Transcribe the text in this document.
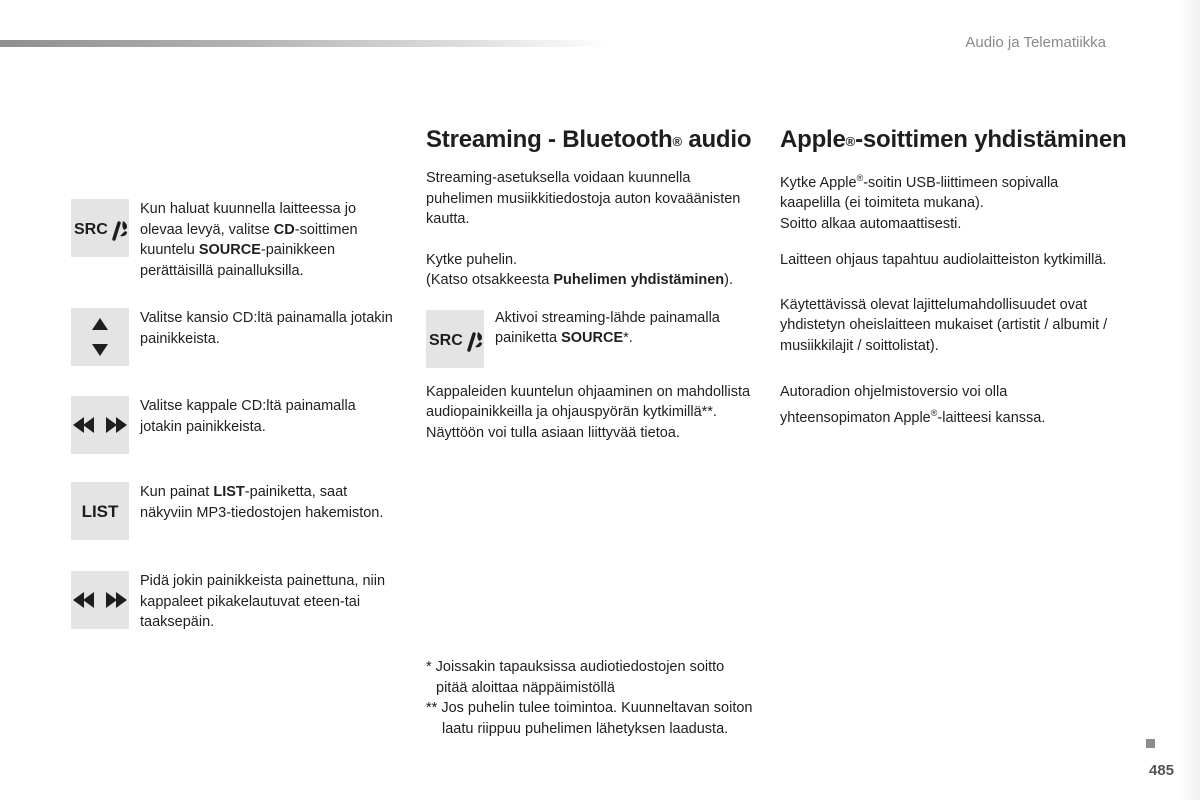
Audio ja Telematiikka
SRC
Kun haluat kuunnella laitteessa jo olevaa levyä, valitse CD-soittimen kuuntelu SOURCE-painikkeen perättäisillä painalluksilla.
Valitse kansio CD:ltä painamalla jotakin painikkeista.
Valitse kappale CD:ltä painamalla jotakin painikkeista.
LIST
Kun painat LIST-painiketta, saat näkyviin MP3-tiedostojen hakemiston.
Pidä jokin painikkeista painettuna, niin kappaleet pikakelautuvat eteen-tai taaksepäin.
Streaming - Bluetooth® audio

Streaming-asetuksella voidaan kuunnella puhelimen musiikkitiedostoja auton kovaäänisten kautta.

Kytke puhelin.
(Katso otsakkeesta Puhelimen yhdistäminen).

SRC
Aktivoi streaming-lähde painamalla painiketta SOURCE*.

Kappaleiden kuuntelun ohjaaminen on mahdollista audiopainikkeilla ja ohjauspyörän kytkimillä**. Näyttöön voi tulla asiaan liittyvää tietoa.

Apple®-soittimen yhdistäminen

Kytke Apple®-soitin USB-liittimeen sopivalla kaapelilla (ei toimiteta mukana).
Soitto alkaa automaattisesti.

Laitteen ohjaus tapahtuu audiolaitteiston kytkimillä.

Käytettävissä olevat lajittelumahdollisuudet ovat yhdistetyn oheislaitteen mukaiset (artistit / albumit / musiikkilajit / soittolistat).

Autoradion ohjelmistoversio voi olla yhteensopimaton Apple®-laitteesi kanssa.

* Joissakin tapauksissa audiotiedostojen soitto pitää aloittaa näppäimistöllä
** Jos puhelin tulee toimintoa. Kuunneltavan soiton laatu riippuu puhelimen lähetyksen laadusta.
485
